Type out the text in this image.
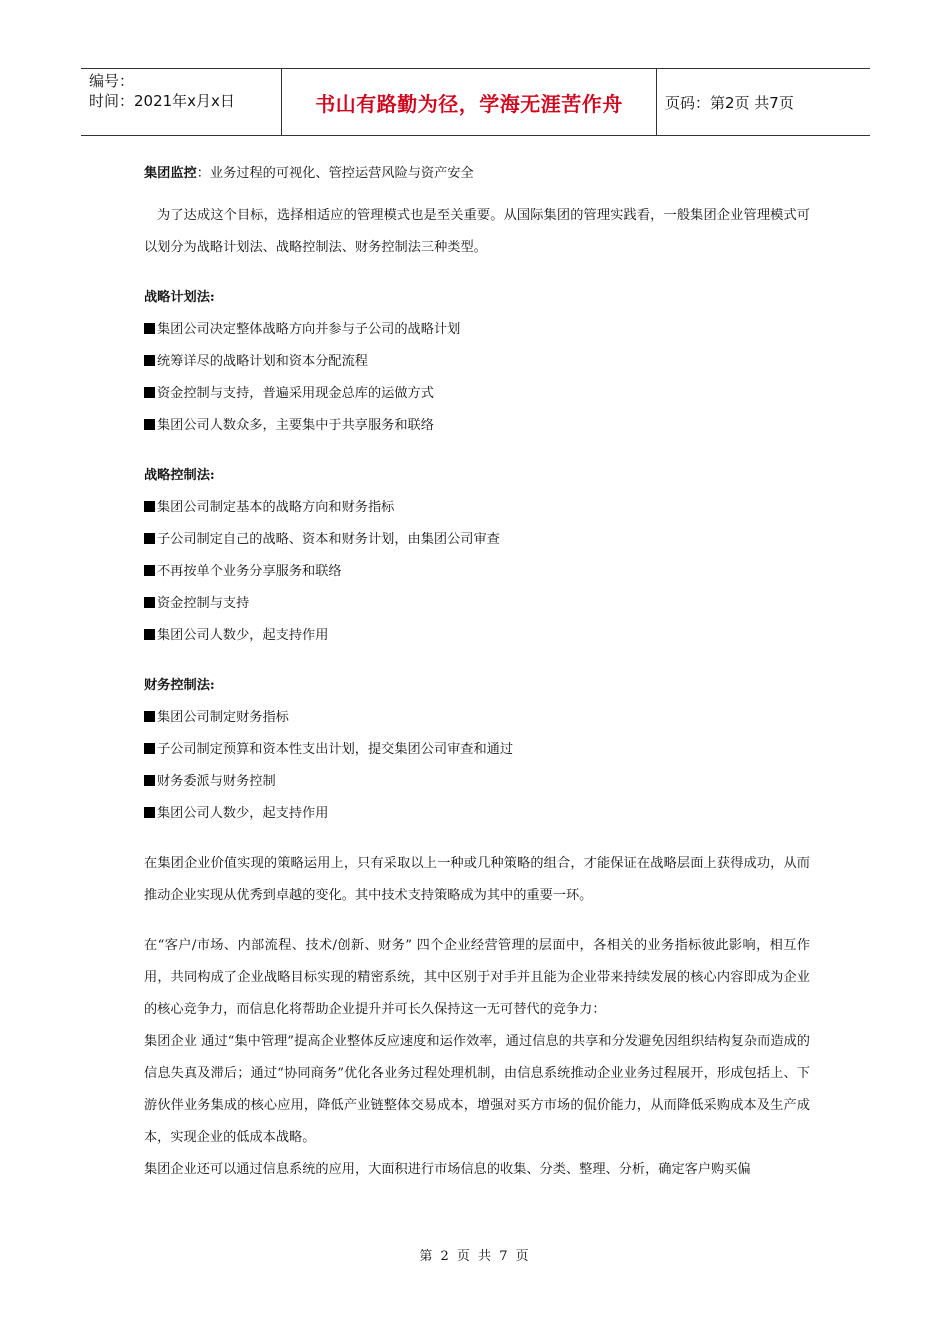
编号：
时间：2021年x月x日	书山有路勤为径，学海无涯苦作舟	页码：第2页 共7页
集团监控：业务过程的可视化、管控运营风险与资产安全
为了达成这个目标，选择相适应的管理模式也是至关重要。从国际集团的管理实践看，一般集团企业管理模式可以划分为战略计划法、战略控制法、财务控制法三种类型。
战略计划法:
集团公司决定整体战略方向并参与子公司的战略计划
统筹详尽的战略计划和资本分配流程
资金控制与支持，普遍采用现金总库的运做方式
集团公司人数众多，主要集中于共享服务和联络
战略控制法:
集团公司制定基本的战略方向和财务指标
子公司制定自己的战略、资本和财务计划，由集团公司审查
不再按单个业务分享服务和联络
资金控制与支持
集团公司人数少，起支持作用
财务控制法:
集团公司制定财务指标
子公司制定预算和资本性支出计划，提交集团公司审查和通过
财务委派与财务控制
集团公司人数少，起支持作用
在集团企业价值实现的策略运用上，只有采取以上一种或几种策略的组合，才能保证在战略层面上获得成功，从而推动企业实现从优秀到卓越的变化。其中技术支持策略成为其中的重要一环。
在“客户/市场、内部流程、技术/创新、财务” 四个企业经营管理的层面中，各相关的业务指标彼此影响，相互作用，共同构成了企业战略目标实现的精密系统，其中区别于对手并且能为企业带来持续发展的核心内容即成为企业的核心竞争力，而信息化将帮助企业提升并可长久保持这一无可替代的竞争力：
集团企业 通过“集中管理”提高企业整体反应速度和运作效率，通过信息的共享和分发避免因组织结构复杂而造成的信息失真及滞后；通过“协同商务”优化各业务过程处理机制，由信息系统推动企业业务过程展开，形成包括上、下游伙伴业务集成的核心应用，降低产业链整体交易成本，增强对买方市场的侃价能力，从而降低采购成本及生产成本，实现企业的低成本战略。
集团企业还可以通过信息系统的应用，大面积进行市场信息的收集、分类、整理、分析，确定客户购买偏
第 2 页 共 7 页
